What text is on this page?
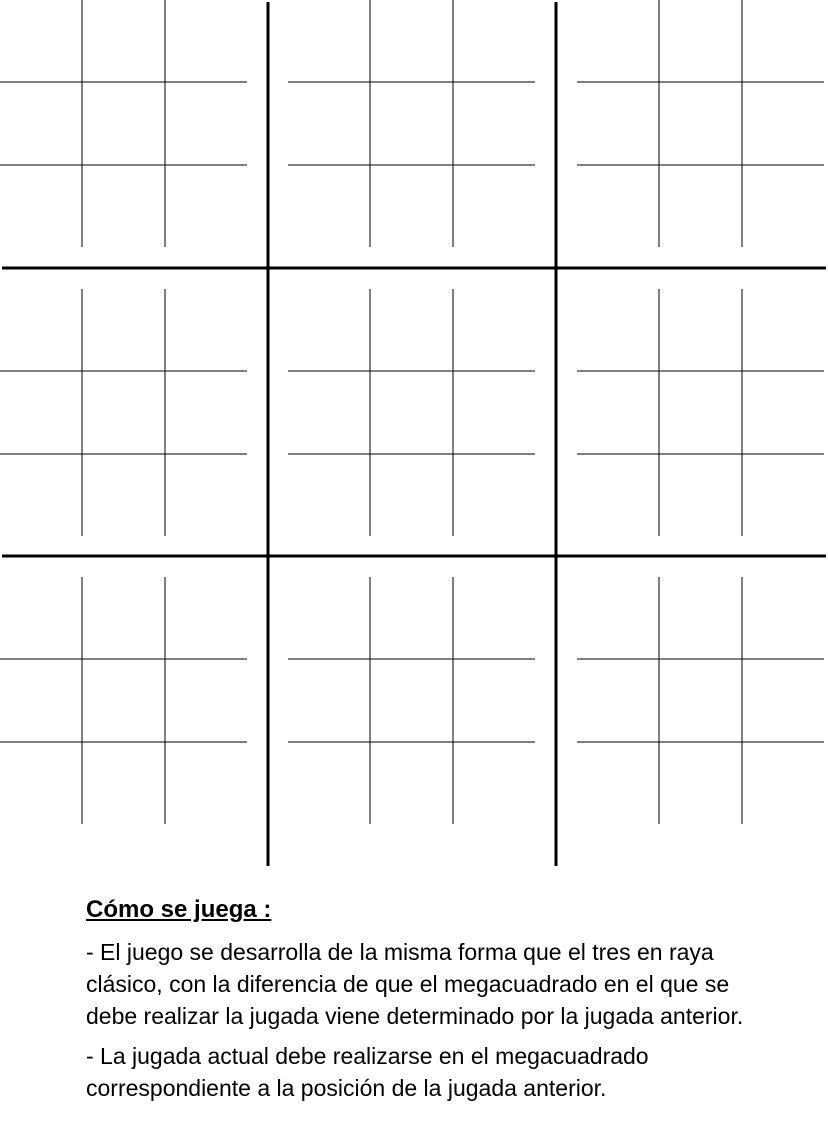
Cómo se juega :

- El juego se desarrolla de la misma forma que el tres en raya clásico, con la diferencia de que el megacuadrado en el que se debe realizar la jugada viene determinado por la jugada anterior.

- La jugada actual debe realizarse en el megacuadrado correspondiente a la posición de la jugada anterior.
